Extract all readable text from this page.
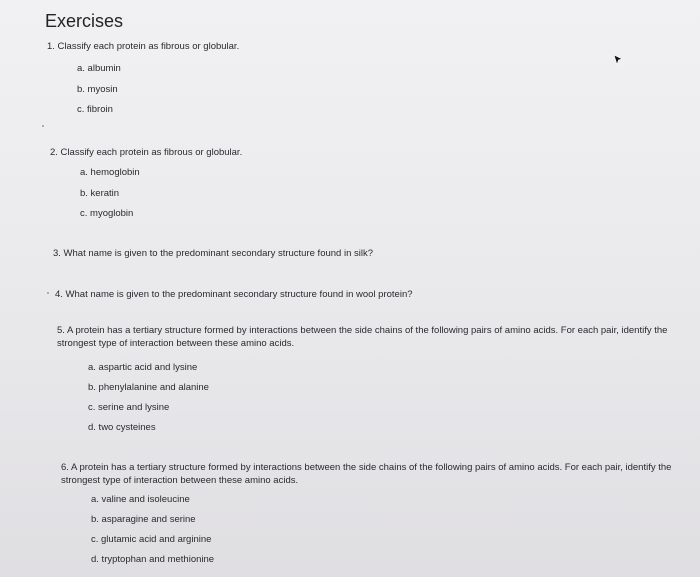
Exercises
1. Classify each protein as fibrous or globular.
a. albumin
b. myosin
c. fibroin
2. Classify each protein as fibrous or globular.
a. hemoglobin
b. keratin
c. myoglobin
3. What name is given to the predominant secondary structure found in silk?
4. What name is given to the predominant secondary structure found in wool protein?
5. A protein has a tertiary structure formed by interactions between the side chains of the following pairs of amino acids. For each pair, identify the
strongest type of interaction between these amino acids.
a. aspartic acid and lysine
b. phenylalanine and alanine
c. serine and lysine
d. two cysteines
6. A protein has a tertiary structure formed by interactions between the side chains of the following pairs of amino acids. For each pair, identify the
strongest type of interaction between these amino acids.
a. valine and isoleucine
b. asparagine and serine
c. glutamic acid and arginine
d. tryptophan and methionine
